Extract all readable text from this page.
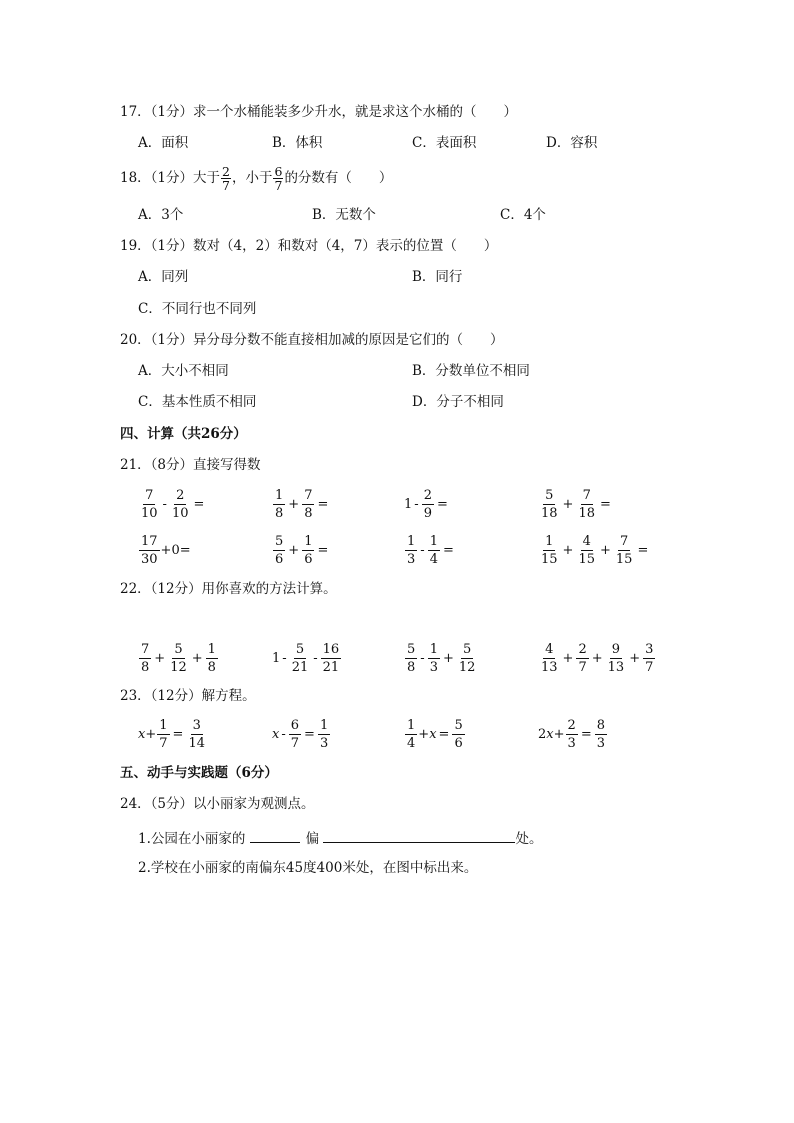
17．（1分）求一个水桶能装多少升水，就是求这个水桶的（　　）
A．面积	B．体积	C．表面积	D．容积
18．（1分）大于 $\frac{2}{7}$ ，小于 $\frac{6}{7}$ 的分数有（　　）
A．3个	B．无数个	C．4个
19．（1分）数对（4，2）和数对（4，7）表示的位置（　　）
A．同列	B．同行
C．不同行也不同列
20．（1分）异分母分数不能直接相加减的原因是它们的（　　）
A．大小不相同	B．分数单位不相同
C．基本性质不相同	D．分子不相同
四、计算（共26分）
21．（8分）直接写得数
$\frac{7}{10} - \frac{2}{10}$ =	$\frac{1}{8} + \frac{7}{8}$ =	$1 - \frac{2}{9}$ =	$\frac{5}{18} + \frac{7}{18}$ =
$\frac{17}{30} +0=$	$\frac{5}{6} + \frac{1}{6}$ =	$\frac{1}{3} - \frac{1}{4}$ =	$\frac{1}{15} + \frac{4}{15} + \frac{7}{15}$ =
22．（12分）用你喜欢的方法计算。
$\frac{7}{8} + \frac{5}{12} + \frac{1}{8}$	$1 - \frac{5}{21} - \frac{16}{21}$	$\frac{5}{8} - \frac{1}{3} + \frac{5}{12}$	$\frac{4}{13} + \frac{2}{7} + \frac{9}{13} + \frac{3}{7}$
23．（12分）解方程。
$x + \frac{1}{7} = \frac{3}{14}$	$x - \frac{6}{7} = \frac{1}{3}$	$\frac{1}{4} + x = \frac{5}{6}$	2 $x + \frac{2}{3} = \frac{8}{3}$
五、动手与实践题（6分）
24．（5分）以小丽家为观测点。
1.公园在小丽家的	偏	处。
2.学校在小丽家的南偏东45度400米处，在图中标出来。
